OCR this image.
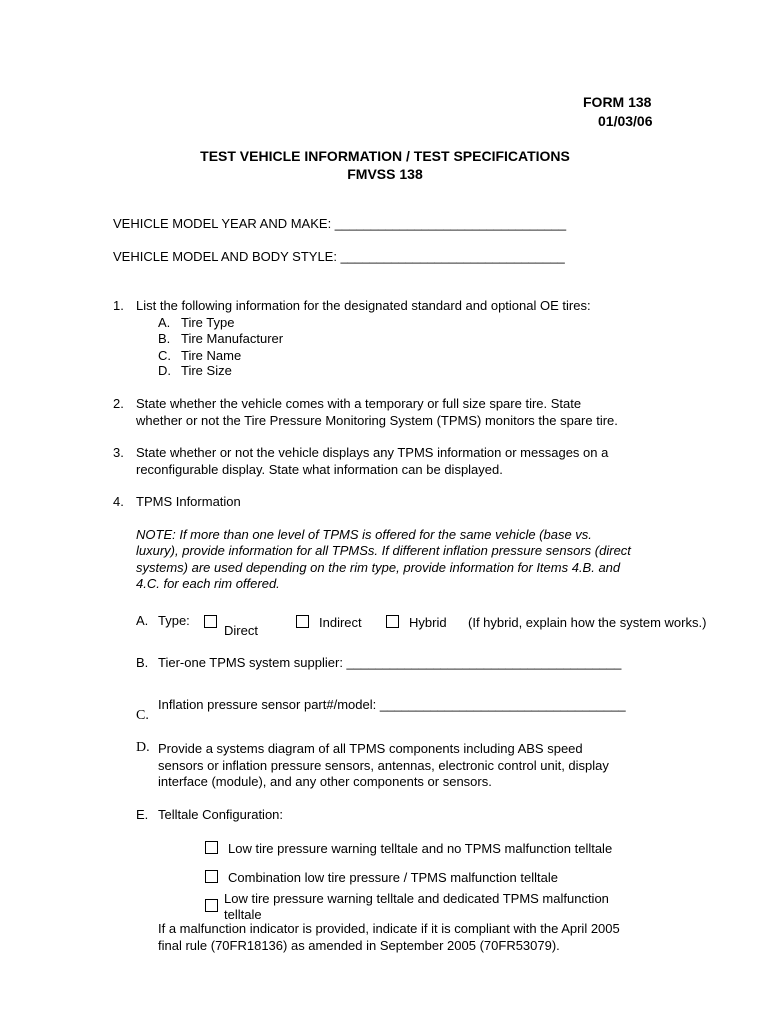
FORM 138
01/03/06
TEST VEHICLE INFORMATION / TEST SPECIFICATIONS
FMVSS 138
VEHICLE MODEL YEAR AND MAKE: ________________________________
VEHICLE MODEL AND BODY STYLE: _______________________________
1. List the following information for the designated standard and optional OE tires:
A. Tire Type
B. Tire Manufacturer
C. Tire Name
D. Tire Size
2. State whether the vehicle comes with a temporary or full size spare tire. State
whether or not the Tire Pressure Monitoring System (TPMS) monitors the spare tire.
3. State whether or not the vehicle displays any TPMS information or messages on a
reconfigurable display. State what information can be displayed.
4. TPMS Information
NOTE: If more than one level of TPMS is offered for the same vehicle (base vs.
luxury), provide information for all TPMSs. If different inflation pressure sensors (direct
systems) are used depending on the rim type, provide information for Items 4.B. and
4.C. for each rim offered.
A. Type:
Direct
Indirect	Hybrid (If hybrid, explain how the system works.)
B. Tier-one TPMS system supplier: ______________________________________
C.
Inflation pressure sensor part#/model: __________________________________
D. Provide a systems diagram of all TPMS components including ABS speed
sensors or inflation pressure sensors, antennas, electronic control unit, display
interface (module), and any other components or sensors.
E. Telltale Configuration:
Low tire pressure warning telltale and no TPMS malfunction telltale
Combination low tire pressure / TPMS malfunction telltale
Low tire pressure warning telltale and dedicated TPMS malfunction
telltale
If a malfunction indicator is provided, indicate if it is compliant with the April 2005
final rule (70FR18136) as amended in September 2005 (70FR53079).
